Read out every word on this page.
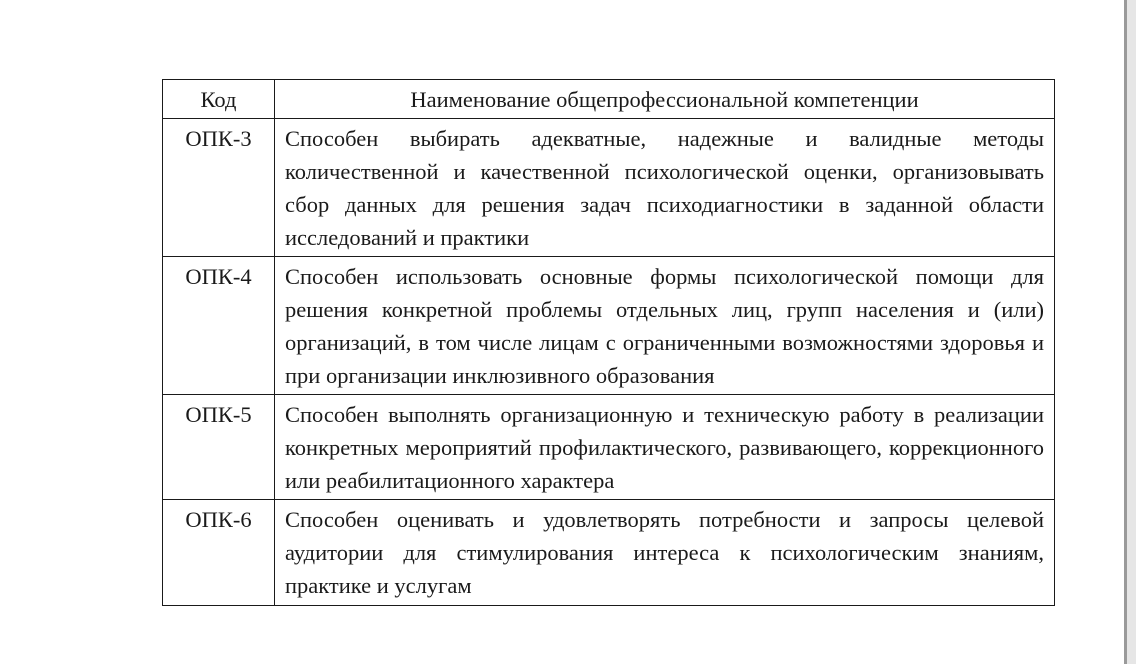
Код	Наименование общепрофессиональной компетенции
ОПК-3	Способен выбирать адекватные, надежные и валидные методы количественной и качественной психологической оценки, организовывать сбор данных для решения задач психодиагностики в заданной области исследований и практики
ОПК-4	Способен использовать основные формы психологической помощи для решения конкретной проблемы отдельных лиц, групп населения и (или) организаций, в том числе лицам с ограниченными возможностями здоровья и при организации инклюзивного образования
ОПК-5	Способен выполнять организационную и техническую работу в реализации конкретных мероприятий профилактического, развивающего, коррекционного или реабилитационного характера
ОПК-6	Способен оценивать и удовлетворять потребности и запросы целевой аудитории для стимулирования интереса к психологическим знаниям, практике и услугам
